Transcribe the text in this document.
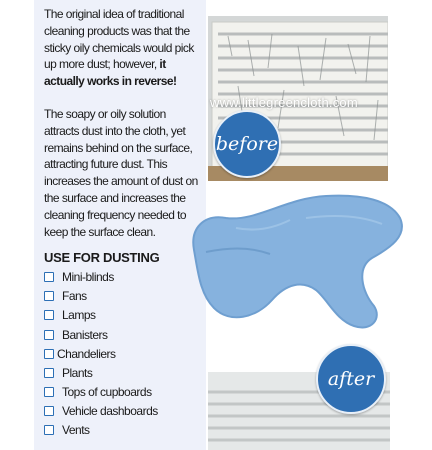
The original idea of traditional cleaning products was that the sticky oily chemicals would pick up more dust; however, it actually works in reverse!

The soapy or oily solution attracts dust into the cloth, yet remains behind on the surface, attracting future dust. This increases the amount of dust on the surface and increases the cleaning frequency needed to keep the surface clean.

USE FOR DUSTING
Mini-blinds
Fans
Lamps
Banisters
Chandeliers
Plants
Tops of cupboards
Vehicle dashboards
Vents
www.littlegreencloth.com
before
after
